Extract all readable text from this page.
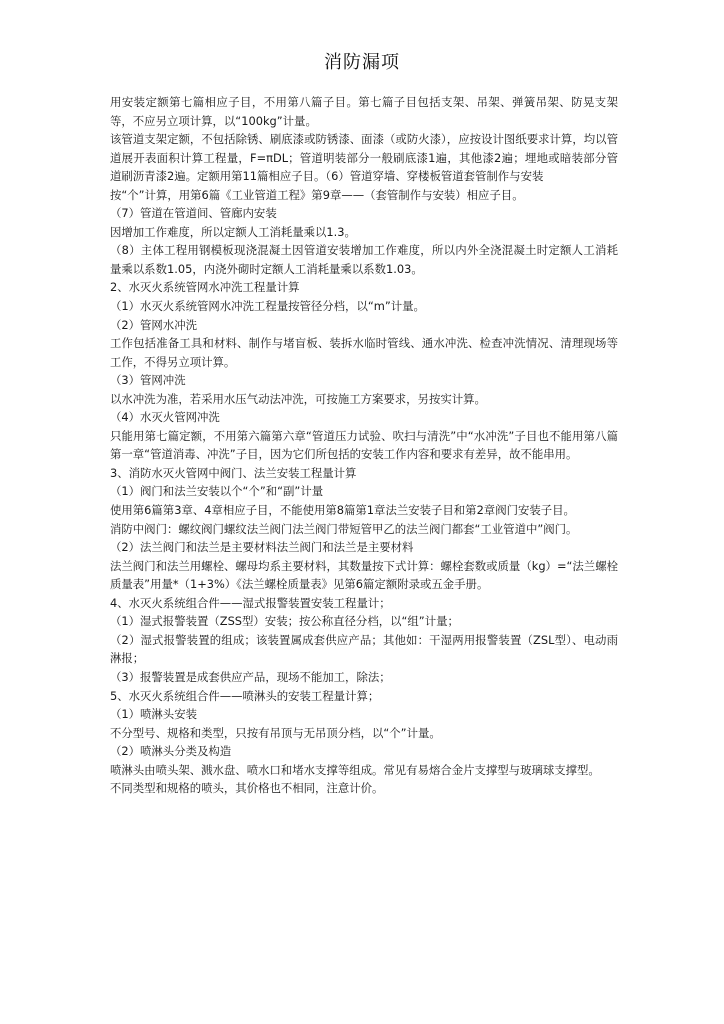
消防漏项

用安装定额第七篇相应子目，不用第八篇子目。第七篇子目包括支架、吊架、弹簧吊架、防晃支架等，不应另立项计算，以“100kg”计量。

该管道支架定额，不包括除锈、刷底漆或防锈漆、面漆（或防火漆），应按设计图纸要求计算，均以管道展开表面积计算工程量，F=πDL；管道明装部分一般刷底漆1遍，其他漆2遍；埋地或暗装部分管道刷沥青漆2遍。定额用第11篇相应子目。（6）管道穿墙、穿楼板管道套管制作与安装

按“个”计算，用第6篇《工业管道工程》第9章——（套管制作与安装）相应子目。

（7）管道在管道间、管廊内安装

因增加工作难度，所以定额人工消耗量乘以1.3。

（8）主体工程用钢模板现浇混凝土因管道安装增加工作难度，所以内外全浇混凝土时定额人工消耗量乘以系数1.05，内浇外砌时定额人工消耗量乘以系数1.03。

2、水灭火系统管网水冲洗工程量计算

（1）水灭火系统管网水冲洗工程量按管径分档，以“m”计量。

（2）管网水冲洗

工作包括准备工具和材料、制作与堵盲板、装拆水临时管线、通水冲洗、检查冲洗情况、清理现场等工作，不得另立项计算。

（3）管网冲洗

以水冲洗为准，若采用水压气动法冲洗，可按施工方案要求，另按实计算。

（4）水灭火管网冲洗

只能用第七篇定额，不用第六篇第六章“管道压力试验、吹扫与清洗”中“水冲洗”子目也不能用第八篇第一章“管道消毒、冲洗”子目，因为它们所包括的安装工作内容和要求有差异，故不能串用。

3、消防水灭火管网中阀门、法兰安装工程量计算

（1）阀门和法兰安装以个“个”和“副”计量

使用第6篇第3章、4章相应子目，不能使用第8篇第1章法兰安装子目和第2章阀门安装子目。

消防中阀门：螺纹阀门螺纹法兰阀门法兰阀门带短管甲乙的法兰阀门都套“工业管道中”阀门。

（2）法兰阀门和法兰是主要材料法兰阀门和法兰是主要材料

法兰阀门和法兰用螺栓、螺母均系主要材料，其数量按下式计算：螺栓套数或质量（kg）=“法兰螺栓质量表”用量*（1+3%）《法兰螺栓质量表》见第6篇定额附录或五金手册。

4、水灭火系统组合件——湿式报警装置安装工程量计；

（1）湿式报警装置（ZSS型）安装；按公称直径分档，以“组”计量；

（2）湿式报警装置的组成；该装置属成套供应产品；其他如：干湿两用报警装置（ZSL型）、电动雨淋报；

（3）报警装置是成套供应产品，现场不能加工，除法；

5、水灭火系统组合件——喷淋头的安装工程量计算；

（1）喷淋头安装

不分型号、规格和类型，只按有吊顶与无吊顶分档，以“个”计量。

（2）喷淋头分类及构造

喷淋头由喷头架、溅水盘、喷水口和堵水支撑等组成。常见有易熔合金片支撑型与玻璃球支撑型。

不同类型和规格的喷头，其价格也不相同，注意计价。
